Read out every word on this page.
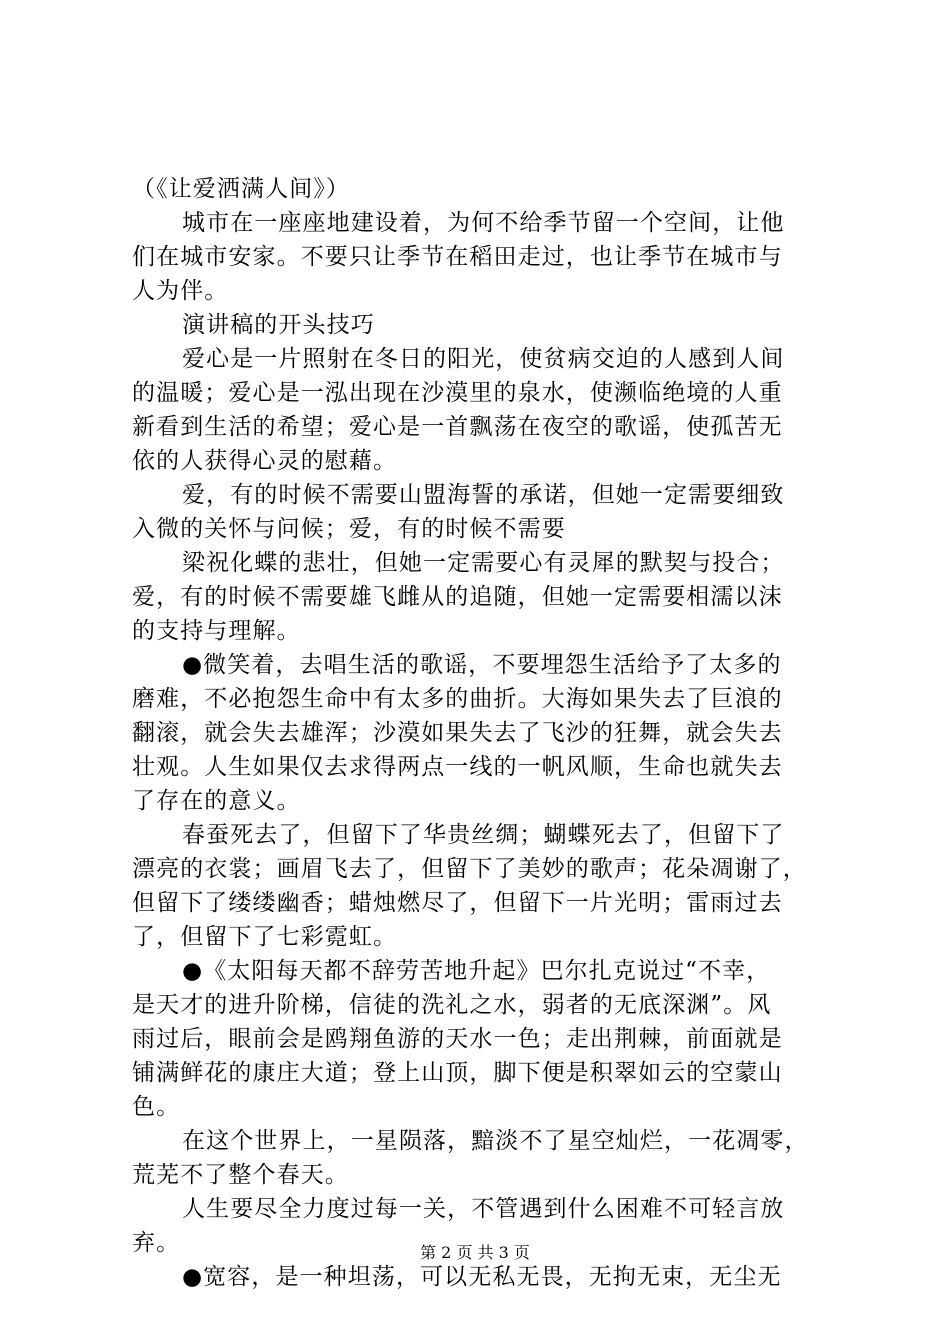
（《让爱洒满人间》）
城市在一座座地建设着，为何不给季节留一个空间，让他
们在城市安家。不要只让季节在稻田走过，也让季节在城市与
人为伴。
演讲稿的开头技巧
爱心是一片照射在冬日的阳光，使贫病交迫的人感到人间
的温暖；爱心是一泓出现在沙漠里的泉水，使濒临绝境的人重
新看到生活的希望；爱心是一首飘荡在夜空的歌谣，使孤苦无
依的人获得心灵的慰藉。
爱，有的时候不需要山盟海誓的承诺，但她一定需要细致
入微的关怀与问候；爱，有的时候不需要
梁祝化蝶的悲壮，但她一定需要心有灵犀的默契与投合；
爱，有的时候不需要雄飞雌从的追随，但她一定需要相濡以沫
的支持与理解。
●微笑着，去唱生活的歌谣，不要埋怨生活给予了太多的
磨难，不必抱怨生命中有太多的曲折。大海如果失去了巨浪的
翻滚，就会失去雄浑；沙漠如果失去了飞沙的狂舞，就会失去
壮观。人生如果仅去求得两点一线的一帆风顺，生命也就失去
了存在的意义。
春蚕死去了，但留下了华贵丝绸；蝴蝶死去了，但留下了
漂亮的衣裳；画眉飞去了，但留下了美妙的歌声；花朵凋谢了，
但留下了缕缕幽香；蜡烛燃尽了，但留下一片光明；雷雨过去
了，但留下了七彩霓虹。
●《太阳每天都不辞劳苦地升起》巴尔扎克说过“不幸，
是天才的进升阶梯，信徒的洗礼之水，弱者的无底深渊”。风
雨过后，眼前会是鸥翔鱼游的天水一色；走出荆棘，前面就是
铺满鲜花的康庄大道；登上山顶，脚下便是积翠如云的空蒙山
色。
在这个世界上，一星陨落，黯淡不了星空灿烂，一花凋零，
荒芜不了整个春天。
人生要尽全力度过每一关，不管遇到什么困难不可轻言放
弃。
●宽容，是一种坦荡，可以无私无畏，无拘无束，无尘无
第 2 页 共 3 页
